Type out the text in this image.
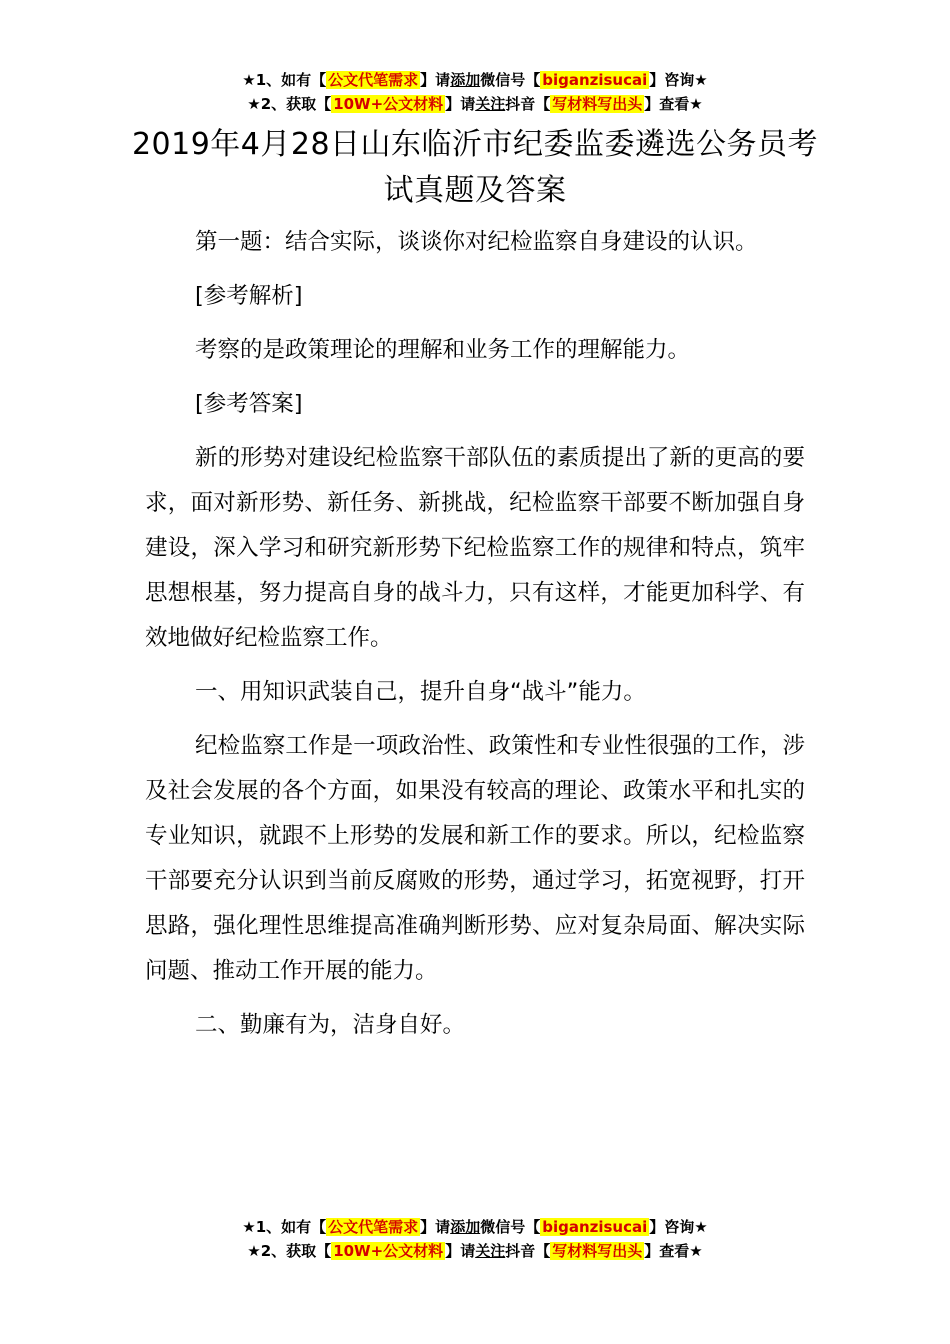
★1、如有【 公文代笔需求 】请添加微信号【 biganzisucai 】咨询★
★2、获取【 10W+公文材料 】请关注抖音【 写材料写出头 】查看★
2019年4月28日山东临沂市纪委监委遴选公务员考试真题及答案

第一题：结合实际，谈谈你对纪检监察自身建设的认识。

[参考解析]

考察的是政策理论的理解和业务工作的理解能力。

[参考答案]

新的形势对建设纪检监察干部队伍的素质提出了新的更高的要求，面对新形势、新任务、新挑战，纪检监察干部要不断加强自身建设，深入学习和研究新形势下纪检监察工作的规律和特点，筑牢思想根基，努力提高自身的战斗力，只有这样，才能更加科学、有效地做好纪检监察工作。

一、用知识武装自己，提升自身“战斗”能力。

纪检监察工作是一项政治性、政策性和专业性很强的工作，涉及社会发展的各个方面，如果没有较高的理论、政策水平和扎实的专业知识，就跟不上形势的发展和新工作的要求。所以，纪检监察干部要充分认识到当前反腐败的形势，通过学习，拓宽视野，打开思路，强化理性思维提高准确判断形势、应对复杂局面、解决实际问题、推动工作开展的能力。

二、勤廉有为，洁身自好。

★1、如有【 公文代笔需求 】请添加微信号【 biganzisucai 】咨询★
★2、获取【 10W+公文材料 】请关注抖音【 写材料写出头 】查看★
